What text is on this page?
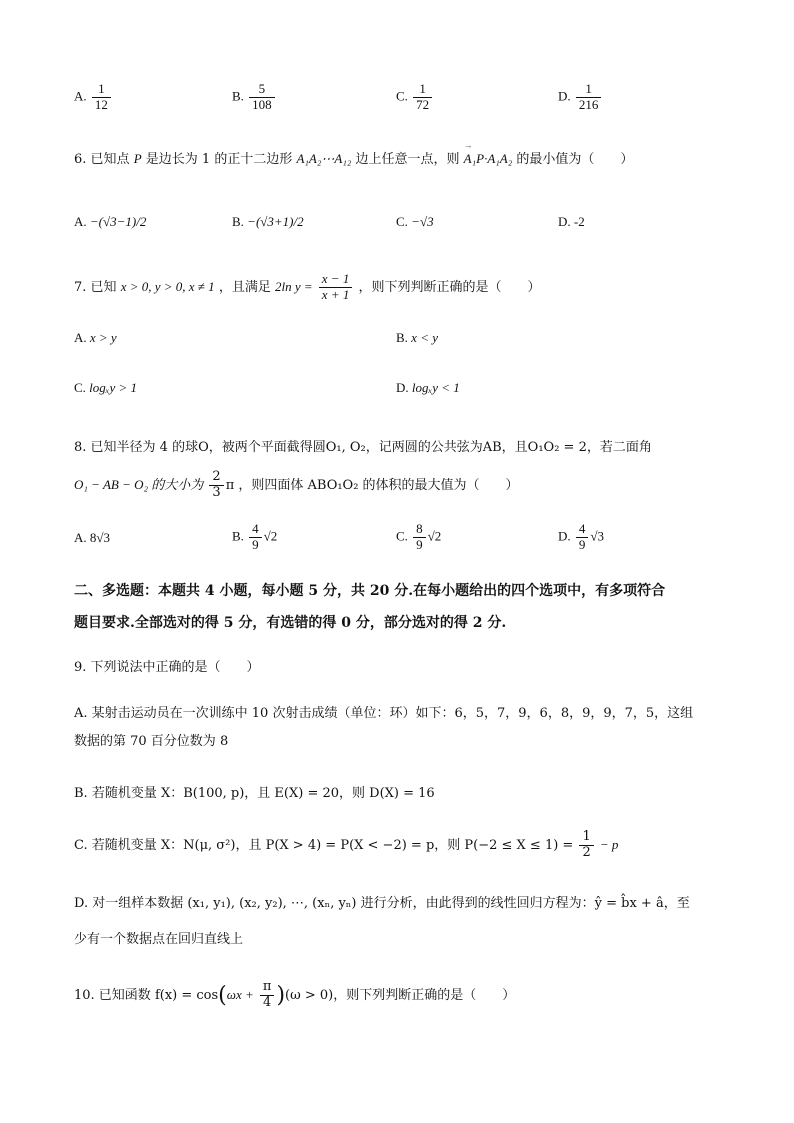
A. $\frac{1}{12}$	B. $\frac{5}{108}$	C. $\frac{1}{72}$	D. $\frac{1}{216}$
6. 已知点 P 是边长为 1 的正十二边形 A₁A₂⋯A₁₂ 边上任意一点，则 → A₁P·A₁A₂ 的最小值为（　　）
A. −(√3−1)/2	B. −(√3+1)/2	C. −√3	D. -2
7. 已知 x > 0, y > 0, x ≠ 1 ，且满足 2ln $y = \frac{x - 1}{x + 1}$ ，则下列判断正确的是（　　）
A. x > y	B. x < y
C. logₓy > 1	D. logₓy < 1
8. 已知半径为 4 的球O，被两个平面截得圆O₁, O₂，记两圆的公共弦为AB，且O₁O₂ = 2，若二面角
O₁ − AB − O₂ 的大小为 $\frac{2}{3}$ π ，则四面体 ABO₁O₂ 的体积的最大值为（　　）
A. 8√3	B. $\frac{4}{9} √2$	C. $\frac{8}{9} √2$	D. $\frac{4}{9} √3$
二、多选题：本题共 4 小题，每小题 5 分，共 20 分.在每小题给出的四个选项中，有多项符合
题目要求.全部选对的得 5 分，有选错的得 0 分，部分选对的得 2 分.
9. 下列说法中正确的是（　　）
A. 某射击运动员在一次训练中 10 次射击成绩（单位：环）如下：6，5，7，9，6，8，9，9，7，5，这组
数据的第 70 百分位数为 8
B. 若随机变量 X：B(100, p)，且 E(X) = 20，则 D(X) = 16
C. 若随机变量 X：N(μ, σ²)，且 P(X > 4) = P(X < −2) = p，则 $P(-2 \le X \le 1) = \frac{1}{2} - p$
D. 对一组样本数据 (x₁, y₁), (x₂, y₂), ⋯, (xₙ, yₙ) 进行分析，由此得到的线性回归方程为：ŷ = b̂x + â，至
少有一个数据点在回归直线上
10. 已知函数 $f(x) = \cos(\omega x + \frac{\pi}{4} )(\omega > 0)$，则下列判断正确的是（　　）
